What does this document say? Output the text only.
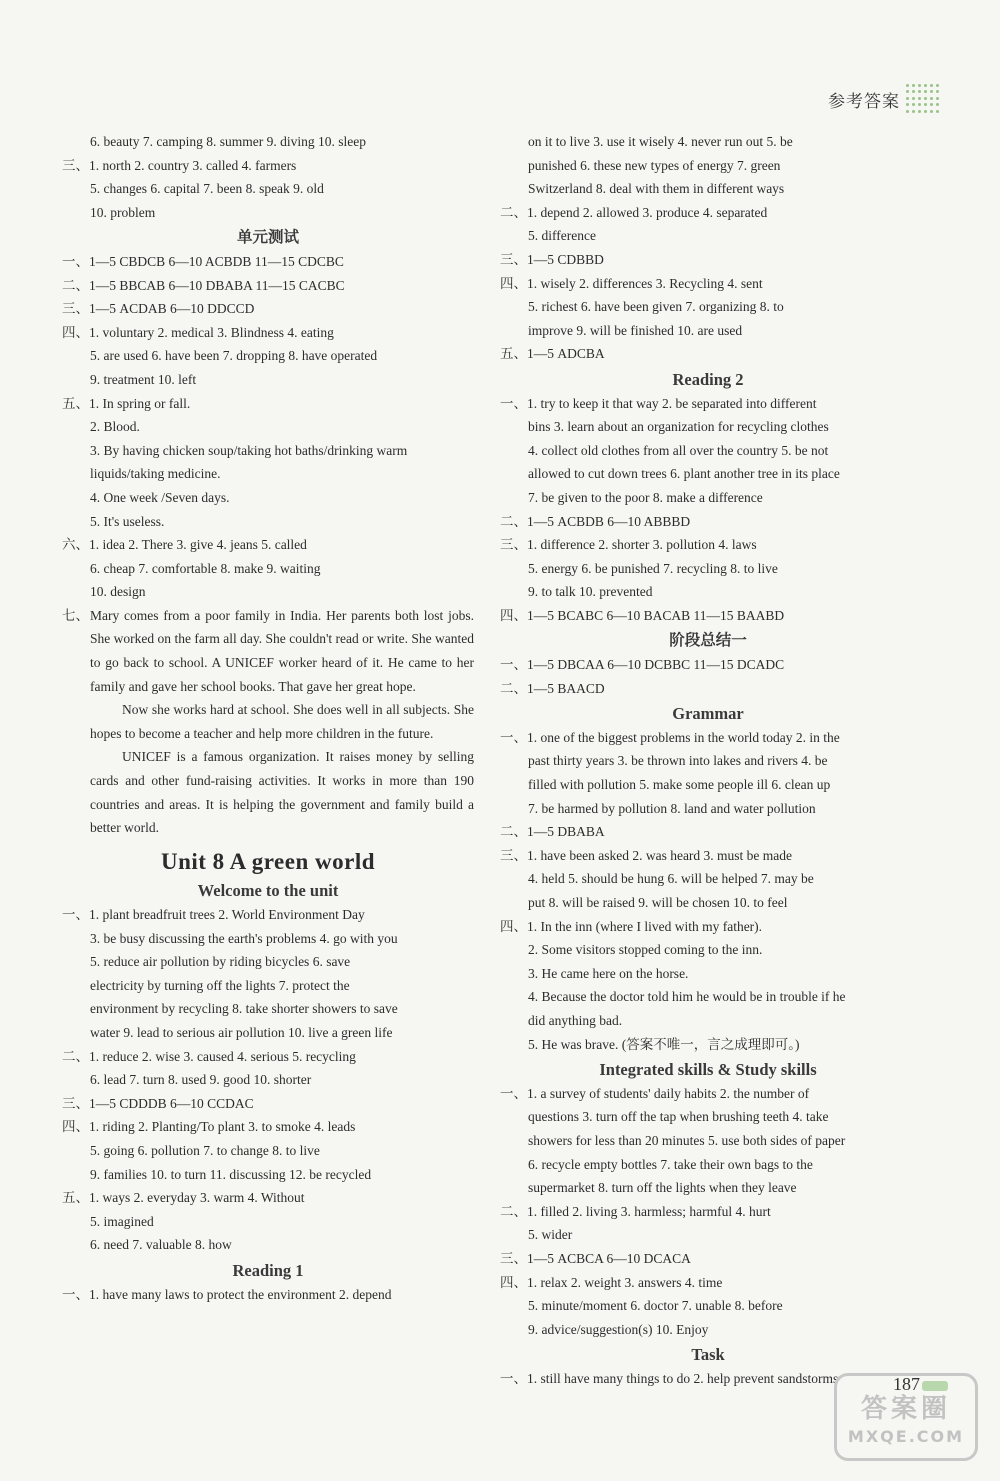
参考答案
6. beauty 7. camping 8. summer 9. diving 10. sleep
三、1. north 2. country 3. called 4. farmers
5. changes 6. capital 7. been 8. speak 9. old
10. problem
单元测试
一、1—5 CBDCB 6—10 ACBDB 11—15 CDCBC
二、1—5 BBCAB 6—10 DBABA 11—15 CACBC
三、1—5 ACDAB 6—10 DDCCD
四、1. voluntary 2. medical 3. Blindness 4. eating
5. are used 6. have been 7. dropping 8. have operated
9. treatment 10. left
五、1. In spring or fall.
2. Blood.
3. By having chicken soup/taking hot baths/drinking warm
liquids/taking medicine.
4. One week /Seven days.
5. It's useless.
六、1. idea 2. There 3. give 4. jeans 5. called
6. cheap 7. comfortable 8. make 9. waiting
10. design
七、 Mary comes from a poor family in India. Her parents both lost jobs. She worked on the farm all day. She couldn't read or write. She wanted to go back to school. A UNICEF worker heard of it. He came to her family and gave her school books. That gave her great hope.
Now she works hard at school. She does well in all subjects. She hopes to become a teacher and help more children in the future.
UNICEF is a famous organization. It raises money by selling cards and other fund-raising activities. It works in more than 190 countries and areas. It is helping the government and family build a better world.
Unit 8 A green world
Welcome to the unit
一、1. plant breadfruit trees 2. World Environment Day
3. be busy discussing the earth's problems 4. go with you
5. reduce air pollution by riding bicycles 6. save
electricity by turning off the lights 7. protect the
environment by recycling 8. take shorter showers to save
water 9. lead to serious air pollution 10. live a green life
二、1. reduce 2. wise 3. caused 4. serious 5. recycling
6. lead 7. turn 8. used 9. good 10. shorter
三、1—5 CDDDB 6—10 CCDAC
四、1. riding 2. Planting/To plant 3. to smoke 4. leads
5. going 6. pollution 7. to change 8. to live
9. families 10. to turn 11. discussing 12. be recycled
五、1. ways 2. everyday 3. warm 4. Without
5. imagined
6. need 7. valuable 8. how
Reading 1
一、1. have many laws to protect the environment 2. depend
on it to live 3. use it wisely 4. never run out 5. be
punished 6. these new types of energy 7. green
Switzerland 8. deal with them in different ways
二、1. depend 2. allowed 3. produce 4. separated
5. difference
三、1—5 CDBBD
四、1. wisely 2. differences 3. Recycling 4. sent
5. richest 6. have been given 7. organizing 8. to
improve 9. will be finished 10. are used
五、1—5 ADCBA
Reading 2
一、1. try to keep it that way 2. be separated into different
bins 3. learn about an organization for recycling clothes
4. collect old clothes from all over the country 5. be not
allowed to cut down trees 6. plant another tree in its place
7. be given to the poor 8. make a difference
二、1—5 ACBDB 6—10 ABBBD
三、1. difference 2. shorter 3. pollution 4. laws
5. energy 6. be punished 7. recycling 8. to live
9. to talk 10. prevented
四、1—5 BCABC 6—10 BACAB 11—15 BAABD
阶段总结一
一、1—5 DBCAA 6—10 DCBBC 11—15 DCADC
二、1—5 BAACD
Grammar
一、1. one of the biggest problems in the world today 2. in the
past thirty years 3. be thrown into lakes and rivers 4. be
filled with pollution 5. make some people ill 6. clean up
7. be harmed by pollution 8. land and water pollution
二、1—5 DBABA
三、1. have been asked 2. was heard 3. must be made
4. held 5. should be hung 6. will be helped 7. may be
put 8. will be raised 9. will be chosen 10. to feel
四、1. In the inn (where I lived with my father).
2. Some visitors stopped coming to the inn.
3. He came here on the horse.
4. Because the doctor told him he would be in trouble if he
did anything bad.
5. He was brave. (答案不唯一，言之成理即可。)
Integrated skills & Study skills
一、1. a survey of students' daily habits 2. the number of
questions 3. turn off the tap when brushing teeth 4. take
showers for less than 20 minutes 5. use both sides of paper
6. recycle empty bottles 7. take their own bags to the
supermarket 8. turn off the lights when they leave
二、1. filled 2. living 3. harmless; harmful 4. hurt
5. wider
三、1—5 ACBCA 6—10 DCACA
四、1. relax 2. weight 3. answers 4. time
5. minute/moment 6. doctor 7. unable 8. before
9. advice/suggestion(s) 10. Enjoy
Task
一、1. still have many things to do 2. help prevent sandstorms	187
答案圈
MXQE.COM
